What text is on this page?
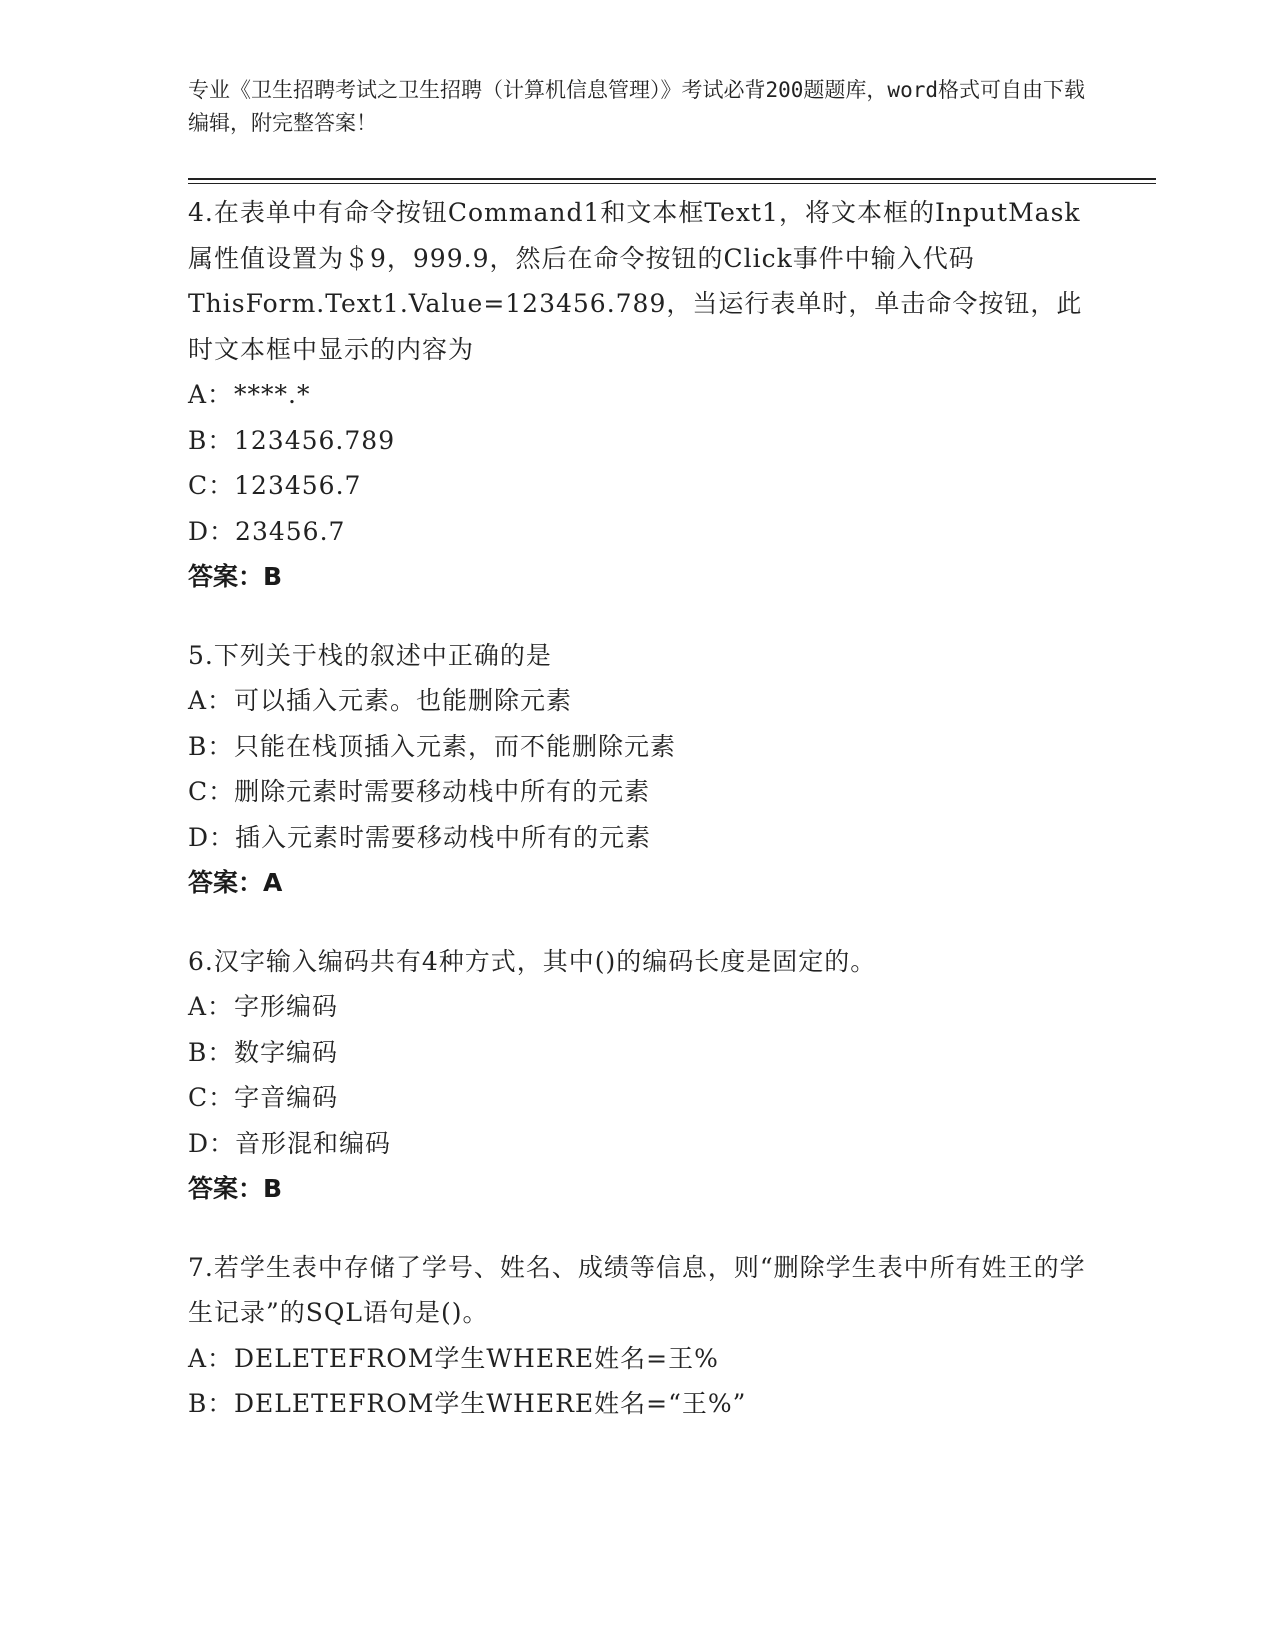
专业《卫生招聘考试之卫生招聘（计算机信息管理）》考试必背200题题库，word格式可自由下载编辑，附完整答案！
4.在表单中有命令按钮Command1和文本框Text1，将文本框的InputMask属性值设置为＄9，999.9，然后在命令按钮的Click事件中输入代码ThisForm.Text1.Value=123456.789，当运行表单时，单击命令按钮，此时文本框中显示的内容为
A：****.*
B：123456.789
C：123456.7
D：23456.7
答案：B
5.下列关于栈的叙述中正确的是
A：可以插入元素。也能删除元素
B：只能在栈顶插入元素，而不能删除元素
C：删除元素时需要移动栈中所有的元素
D：插入元素时需要移动栈中所有的元素
答案：A
6.汉字输入编码共有4种方式，其中()的编码长度是固定的。
A：字形编码
B：数字编码
C：字音编码
D：音形混和编码
答案：B
7.若学生表中存储了学号、姓名、成绩等信息，则“删除学生表中所有姓王的学生记录”的SQL语句是()。
A：DELETEFROM学生WHERE姓名=王%
B：DELETEFROM学生WHERE姓名=“王%”
